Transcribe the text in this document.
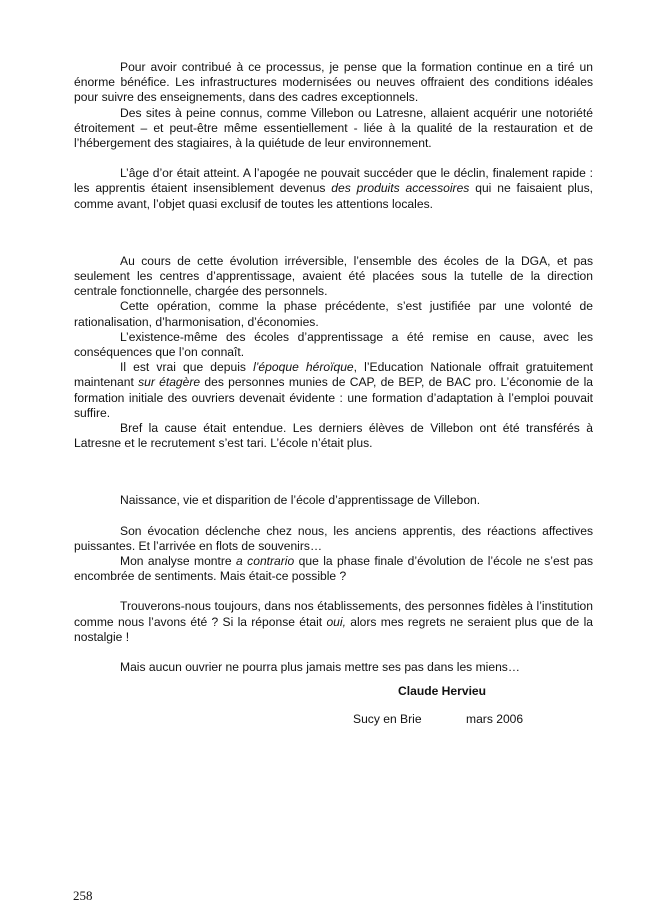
Pour avoir contribué à ce processus, je pense que la formation continue en a tiré un énorme bénéfice. Les infrastructures modernisées ou neuves offraient des conditions idéales pour suivre des enseignements, dans des cadres exceptionnels.

Des sites à peine connus, comme Villebon ou Latresne, allaient acquérir une notoriété étroitement – et peut-être même essentiellement - liée à la qualité de la restauration et de l’hébergement des stagiaires, à la quiétude de leur environnement.

L’âge d’or était atteint. A l’apogée ne pouvait succéder que le déclin, finalement rapide : les apprentis étaient insensiblement devenus des produits accessoires qui ne faisaient plus, comme avant, l’objet quasi exclusif de toutes les attentions locales.

Au cours de cette évolution irréversible, l’ensemble des écoles de la DGA, et pas seulement les centres d’apprentissage, avaient été placées sous la tutelle de la direction centrale fonctionnelle, chargée des personnels.

Cette opération, comme la phase précédente, s’est justifiée par une volonté de rationalisation, d’harmonisation, d’économies.

L’existence-même des écoles d’apprentissage a été remise en cause, avec les conséquences que l’on connaît.

Il est vrai que depuis l’époque héroïque, l’Education Nationale offrait gratuitement maintenant sur étagère des personnes munies de CAP, de BEP, de BAC pro. L’économie de la formation initiale des ouvriers devenait évidente : une formation d’adaptation à l’emploi pouvait suffire.

Bref la cause était entendue. Les derniers élèves de Villebon ont été transférés à Latresne et le recrutement s’est tari. L’école n’était plus.

Naissance, vie et disparition de l’école d’apprentissage de Villebon.

Son évocation déclenche chez nous, les anciens apprentis, des réactions affectives puissantes. Et l’arrivée en flots de souvenirs…

Mon analyse montre a contrario que la phase finale d’évolution de l’école ne s’est pas encombrée de sentiments. Mais était-ce possible ?

Trouverons-nous toujours, dans nos établissements, des personnes fidèles à l’institution comme nous l’avons été ? Si la réponse était oui, alors mes regrets ne seraient plus que de la nostalgie !

Mais aucun ouvrier ne pourra plus jamais mettre ses pas dans les miens…

Claude Hervieu
Sucy en Brie	mars 2006
258
